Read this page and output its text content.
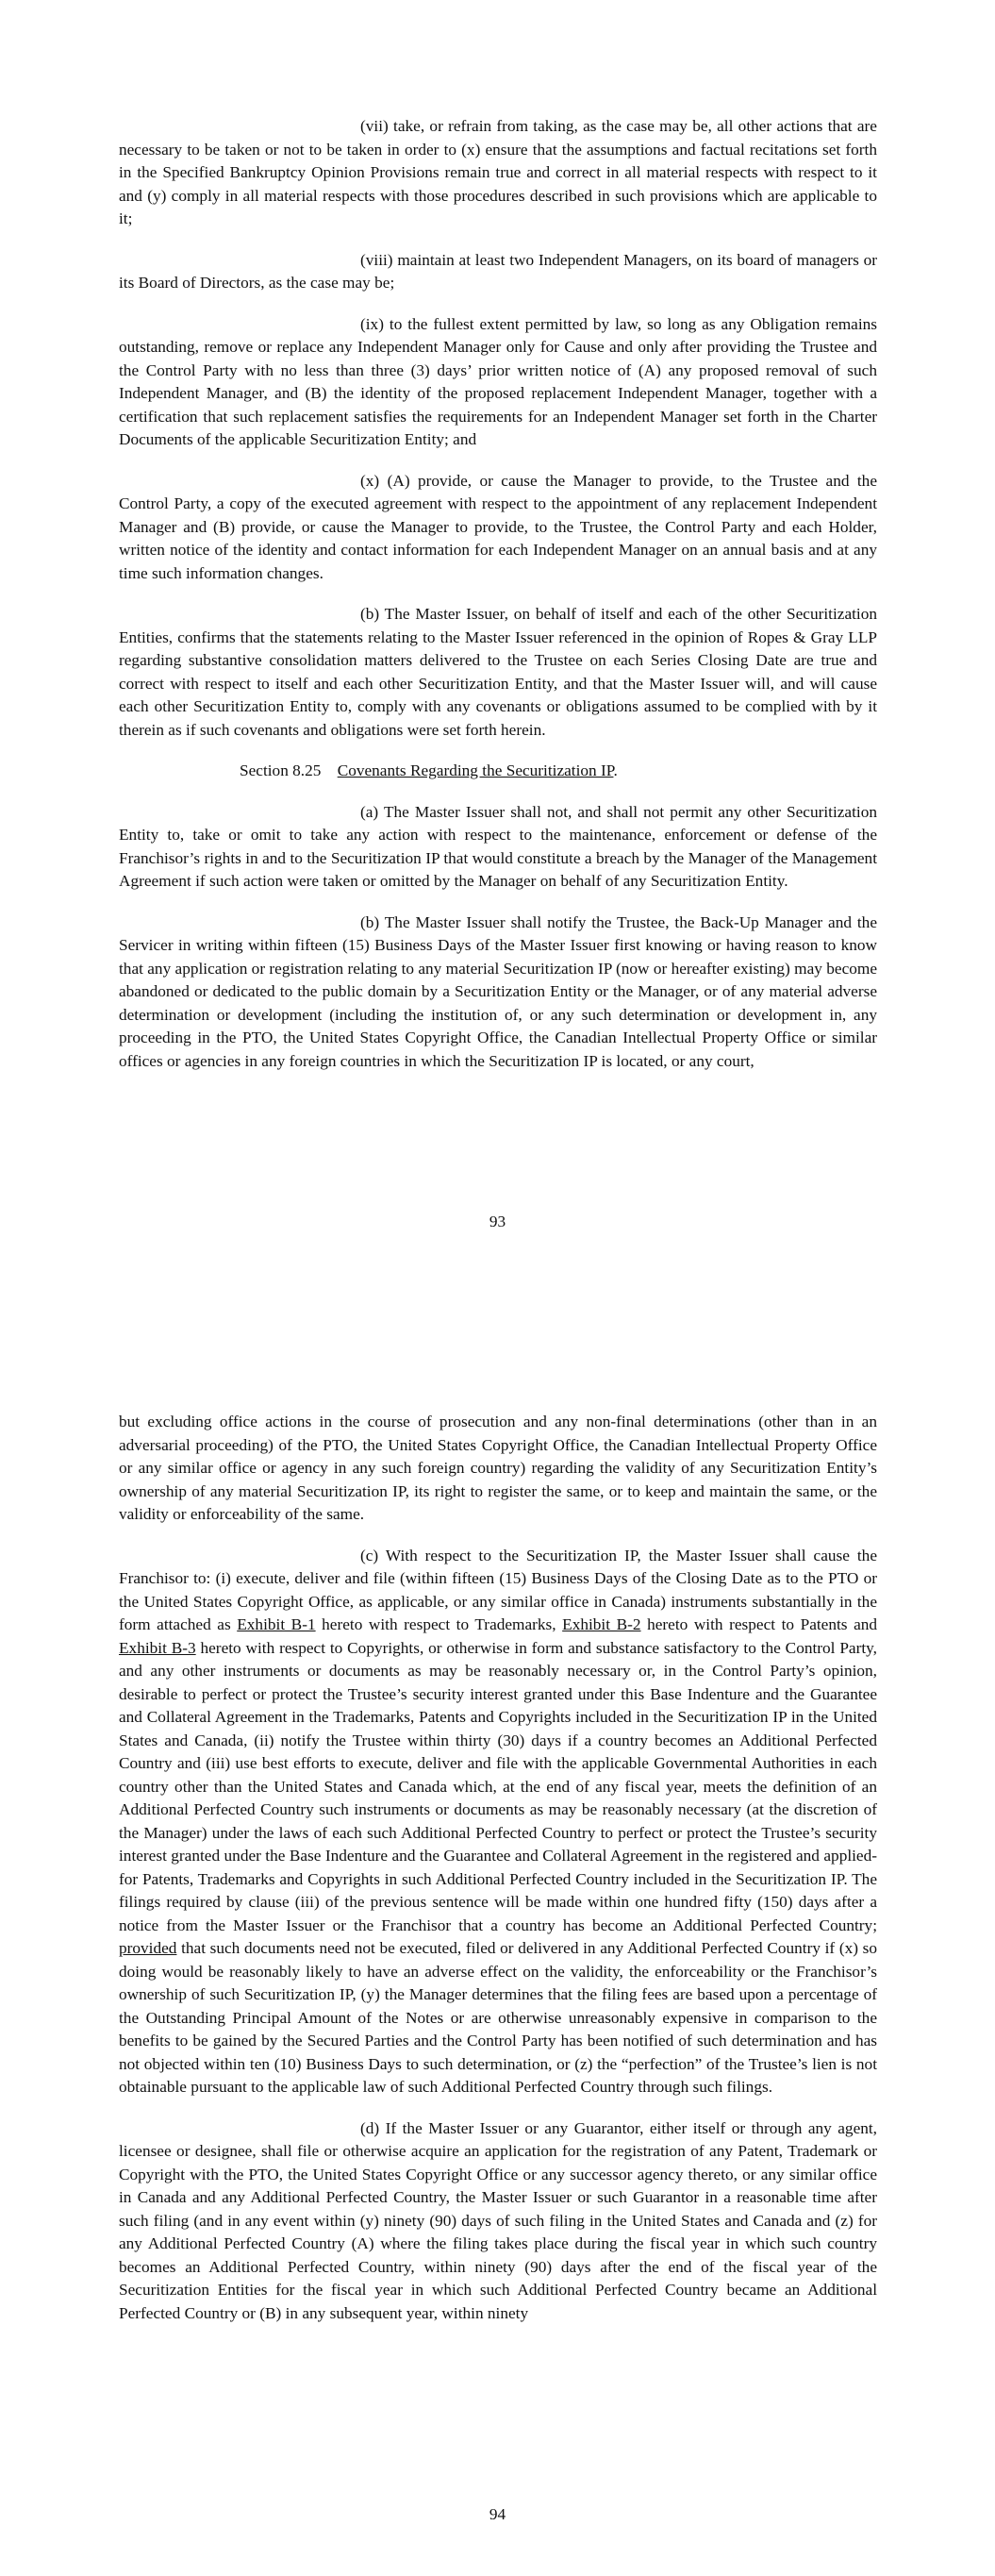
(vii) take, or refrain from taking, as the case may be, all other actions that are necessary to be taken or not to be taken in order to (x) ensure that the assumptions and factual recitations set forth in the Specified Bankruptcy Opinion Provisions remain true and correct in all material respects with respect to it and (y) comply in all material respects with those procedures described in such provisions which are applicable to it;

(viii) maintain at least two Independent Managers, on its board of managers or its Board of Directors, as the case may be;

(ix) to the fullest extent permitted by law, so long as any Obligation remains outstanding, remove or replace any Independent Manager only for Cause and only after providing the Trustee and the Control Party with no less than three (3) days’ prior written notice of (A) any proposed removal of such Independent Manager, and (B) the identity of the proposed replacement Independent Manager, together with a certification that such replacement satisfies the requirements for an Independent Manager set forth in the Charter Documents of the applicable Securitization Entity; and

(x) (A) provide, or cause the Manager to provide, to the Trustee and the Control Party, a copy of the executed agreement with respect to the appointment of any replacement Independent Manager and (B) provide, or cause the Manager to provide, to the Trustee, the Control Party and each Holder, written notice of the identity and contact information for each Independent Manager on an annual basis and at any time such information changes.

(b) The Master Issuer, on behalf of itself and each of the other Securitization Entities, confirms that the statements relating to the Master Issuer referenced in the opinion of Ropes & Gray LLP regarding substantive consolidation matters delivered to the Trustee on each Series Closing Date are true and correct with respect to itself and each other Securitization Entity, and that the Master Issuer will, and will cause each other Securitization Entity to, comply with any covenants or obligations assumed to be complied with by it therein as if such covenants and obligations were set forth herein.

Section 8.25 Covenants Regarding the Securitization IP.

(a) The Master Issuer shall not, and shall not permit any other Securitization Entity to, take or omit to take any action with respect to the maintenance, enforcement or defense of the Franchisor’s rights in and to the Securitization IP that would constitute a breach by the Manager of the Management Agreement if such action were taken or omitted by the Manager on behalf of any Securitization Entity.

(b) The Master Issuer shall notify the Trustee, the Back-Up Manager and the Servicer in writing within fifteen (15) Business Days of the Master Issuer first knowing or having reason to know that any application or registration relating to any material Securitization IP (now or hereafter existing) may become abandoned or dedicated to the public domain by a Securitization Entity or the Manager, or of any material adverse determination or development (including the institution of, or any such determination or development in, any proceeding in the PTO, the United States Copyright Office, the Canadian Intellectual Property Office or similar offices or agencies in any foreign countries in which the Securitization IP is located, or any court,

93

but excluding office actions in the course of prosecution and any non-final determinations (other than in an adversarial proceeding) of the PTO, the United States Copyright Office, the Canadian Intellectual Property Office or any similar office or agency in any such foreign country) regarding the validity of any Securitization Entity’s ownership of any material Securitization IP, its right to register the same, or to keep and maintain the same, or the validity or enforceability of the same.

(c) With respect to the Securitization IP, the Master Issuer shall cause the Franchisor to: (i) execute, deliver and file (within fifteen (15) Business Days of the Closing Date as to the PTO or the United States Copyright Office, as applicable, or any similar office in Canada) instruments substantially in the form attached as Exhibit B-1 hereto with respect to Trademarks, Exhibit B-2 hereto with respect to Patents and Exhibit B-3 hereto with respect to Copyrights, or otherwise in form and substance satisfactory to the Control Party, and any other instruments or documents as may be reasonably necessary or, in the Control Party’s opinion, desirable to perfect or protect the Trustee’s security interest granted under this Base Indenture and the Guarantee and Collateral Agreement in the Trademarks, Patents and Copyrights included in the Securitization IP in the United States and Canada, (ii) notify the Trustee within thirty (30) days if a country becomes an Additional Perfected Country and (iii) use best efforts to execute, deliver and file with the applicable Governmental Authorities in each country other than the United States and Canada which, at the end of any fiscal year, meets the definition of an Additional Perfected Country such instruments or documents as may be reasonably necessary (at the discretion of the Manager) under the laws of each such Additional Perfected Country to perfect or protect the Trustee’s security interest granted under the Base Indenture and the Guarantee and Collateral Agreement in the registered and applied-for Patents, Trademarks and Copyrights in such Additional Perfected Country included in the Securitization IP. The filings required by clause (iii) of the previous sentence will be made within one hundred fifty (150) days after a notice from the Master Issuer or the Franchisor that a country has become an Additional Perfected Country; provided that such documents need not be executed, filed or delivered in any Additional Perfected Country if (x) so doing would be reasonably likely to have an adverse effect on the validity, the enforceability or the Franchisor’s ownership of such Securitization IP, (y) the Manager determines that the filing fees are based upon a percentage of the Outstanding Principal Amount of the Notes or are otherwise unreasonably expensive in comparison to the benefits to be gained by the Secured Parties and the Control Party has been notified of such determination and has not objected within ten (10) Business Days to such determination, or (z) the “perfection” of the Trustee’s lien is not obtainable pursuant to the applicable law of such Additional Perfected Country through such filings.

(d) If the Master Issuer or any Guarantor, either itself or through any agent, licensee or designee, shall file or otherwise acquire an application for the registration of any Patent, Trademark or Copyright with the PTO, the United States Copyright Office or any successor agency thereto, or any similar office in Canada and any Additional Perfected Country, the Master Issuer or such Guarantor in a reasonable time after such filing (and in any event within (y) ninety (90) days of such filing in the United States and Canada and (z) for any Additional Perfected Country (A) where the filing takes place during the fiscal year in which such country becomes an Additional Perfected Country, within ninety (90) days after the end of the fiscal year of the Securitization Entities for the fiscal year in which such Additional Perfected Country became an Additional Perfected Country or (B) in any subsequent year, within ninety

94
